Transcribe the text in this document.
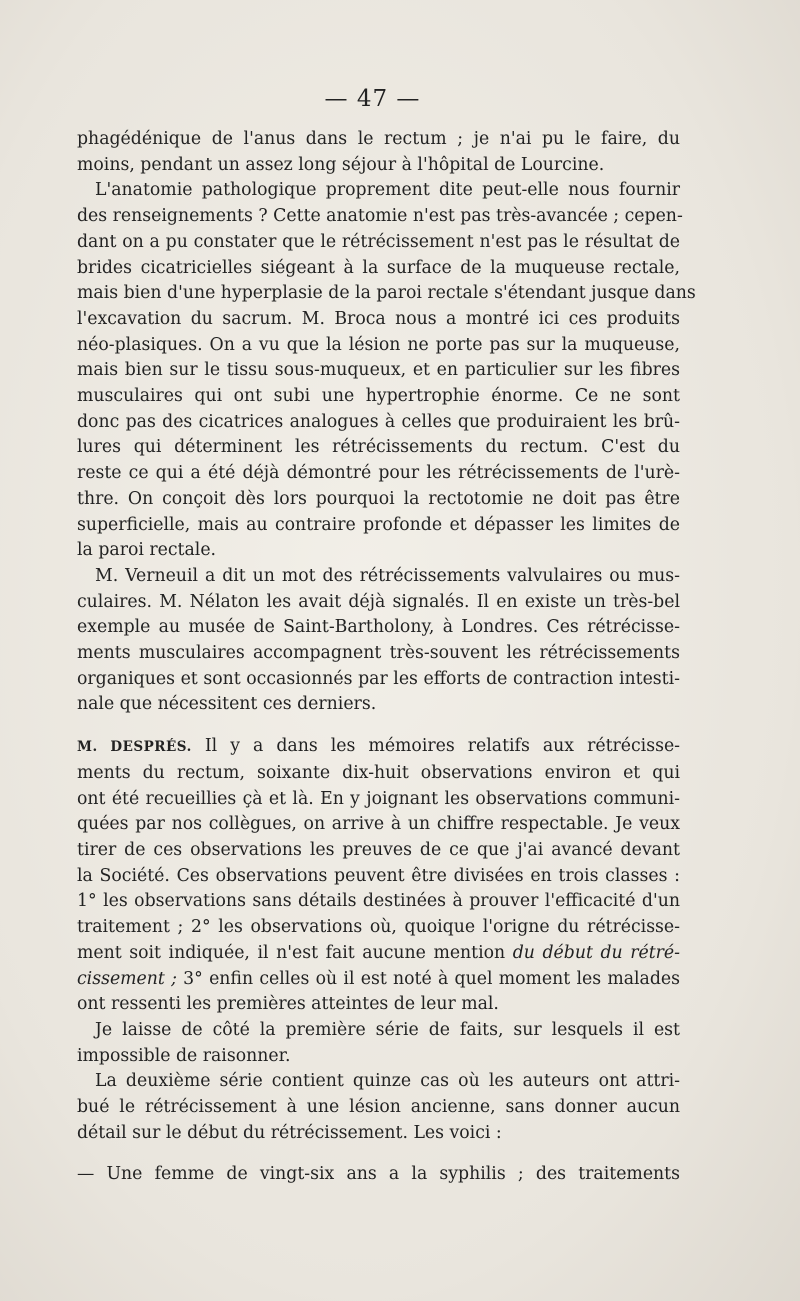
— 47 —
phagédénique de l'anus dans le rectum ; je n'ai pu le faire, du
moins, pendant un assez long séjour à l'hôpital de Lourcine.
L'anatomie pathologique proprement dite peut-elle nous fournir
des renseignements ? Cette anatomie n'est pas très-avancée ; cepen-
dant on a pu constater que le rétrécissement n'est pas le résultat de
brides cicatricielles siégeant à la surface de la muqueuse rectale,
mais bien d'une hyperplasie de la paroi rectale s'étendant jusque dans
l'excavation du sacrum. M. Broca nous a montré ici ces produits
néo-plasiques. On a vu que la lésion ne porte pas sur la muqueuse,
mais bien sur le tissu sous-muqueux, et en particulier sur les fibres
musculaires qui ont subi une hypertrophie énorme. Ce ne sont
donc pas des cicatrices analogues à celles que produiraient les brû-
lures qui déterminent les rétrécissements du rectum. C'est du
reste ce qui a été déjà démontré pour les rétrécissements de l'urè-
thre. On conçoit dès lors pourquoi la rectotomie ne doit pas être
superficielle, mais au contraire profonde et dépasser les limites de
la paroi rectale.
M. Verneuil a dit un mot des rétrécissements valvulaires ou mus-
culaires. M. Nélaton les avait déjà signalés. Il en existe un très-bel
exemple au musée de Saint-Bartholony, à Londres. Ces rétrécisse-
ments musculaires accompagnent très-souvent les rétrécissements
organiques et sont occasionnés par les efforts de contraction intesti-
nale que nécessitent ces derniers.
M. DESPRÉS. Il y a dans les mémoires relatifs aux rétrécisse-
ments du rectum, soixante dix-huit observations environ et qui
ont été recueillies çà et là. En y joignant les observations communi-
quées par nos collègues, on arrive à un chiffre respectable. Je veux
tirer de ces observations les preuves de ce que j'ai avancé devant
la Société. Ces observations peuvent être divisées en trois classes :
1° les observations sans détails destinées à prouver l'efficacité d'un
traitement ; 2° les observations où, quoique l'origne du rétrécisse-
ment soit indiquée, il n'est fait aucune mention du début du rétré-
cissement ; 3° enfin celles où il est noté à quel moment les malades
ont ressenti les premières atteintes de leur mal.
Je laisse de côté la première série de faits, sur lesquels il est
impossible de raisonner.
La deuxième série contient quinze cas où les auteurs ont attri-
bué le rétrécissement à une lésion ancienne, sans donner aucun
détail sur le début du rétrécissement. Les voici :
— Une femme de vingt-six ans a la syphilis ; des traitements
